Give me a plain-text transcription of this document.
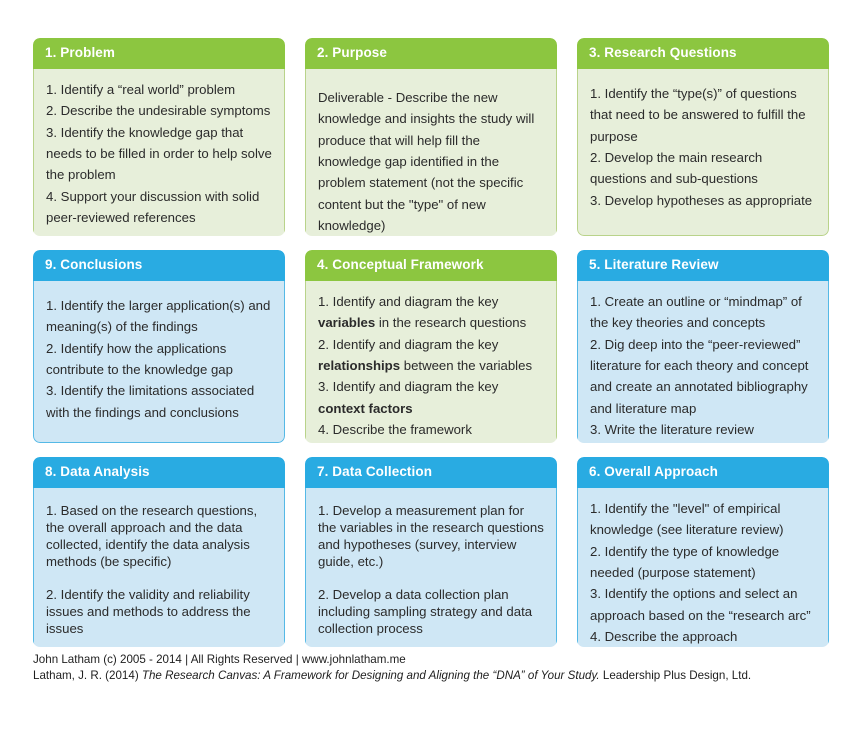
1. Problem

1. Identify a “real world” problem

2. Describe the undesirable symptoms

3. Identify the knowledge gap that needs to be filled in order to help solve the problem

4. Support your discussion with solid peer-reviewed references

2. Purpose

Deliverable - Describe the new knowledge and insights the study will produce that will help fill the knowledge gap identified in the problem statement (not the specific content but the "type" of new knowledge)

3. Research Questions

1. Identify the “type(s)” of questions that need to be answered to fulfill the purpose

2. Develop the main research questions and sub-questions

3. Develop hypotheses as appropriate

9. Conclusions

1. Identify the larger application(s) and meaning(s) of the findings

2. Identify how the applications contribute to the knowledge gap

3. Identify the limitations associated with the findings and conclusions

4. Conceptual Framework

1. Identify and diagram the key variables in the research questions

2. Identify and diagram the key relationships between the variables

3. Identify and diagram the key context factors

4. Describe the framework

5. Literature Review

1. Create an outline or “mindmap” of the key theories and concepts

2. Dig deep into the “peer-reviewed” literature for each theory and concept and create an annotated bibliography and literature map

3. Write the literature review

8. Data Analysis

1. Based on the research questions, the overall approach and the data collected, identify the data analysis methods (be specific)

2. Identify the validity and reliability issues and methods to address the issues

7. Data Collection

1. Develop a measurement plan for the variables in the research questions and hypotheses (survey, interview guide, etc.)

2. Develop a data collection plan including sampling strategy and data collection process

6. Overall Approach

1. Identify the "level" of empirical knowledge (see literature review)

2. Identify the type of knowledge needed (purpose statement)

3. Identify the options and select an approach based on the “research arc”

4. Describe the approach

John Latham (c) 2005 - 2014 | All Rights Reserved | www.johnlatham.me
Latham, J. R. (2014) The Research Canvas: A Framework for Designing and Aligning the “DNA” of Your Study. Leadership Plus Design, Ltd.
